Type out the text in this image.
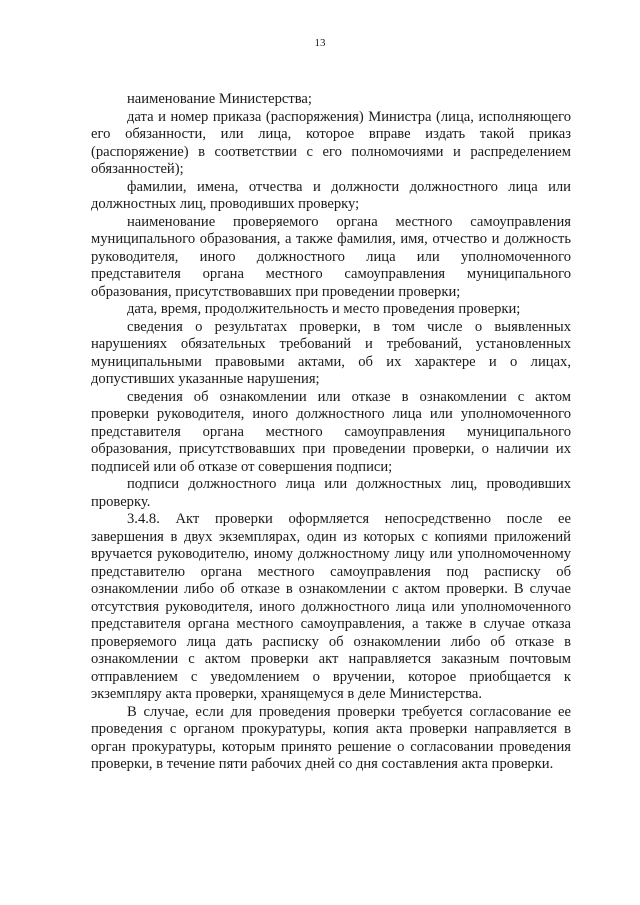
13

наименование Министерства;

дата и номер приказа (распоряжения) Министра (лица, исполняющего его обязанности, или лица, которое вправе издать такой приказ (распоряжение) в соответствии с его полномочиями и распределением обязанностей);

фамилии, имена, отчества и должности должностного лица или должностных лиц, проводивших проверку;

наименование проверяемого органа местного самоуправления муниципального образования, а также фамилия, имя, отчество и должность руководителя, иного должностного лица или уполномоченного представителя органа местного самоуправления муниципального образования, присутствовавших при проведении проверки;

дата, время, продолжительность и место проведения проверки;

сведения о результатах проверки, в том числе о выявленных нарушениях обязательных требований и требований, установленных муниципальными правовыми актами, об их характере и о лицах, допустивших указанные нарушения;

сведения об ознакомлении или отказе в ознакомлении с актом проверки руководителя, иного должностного лица или уполномоченного представителя органа местного самоуправления муниципального образования, присутствовавших при проведении проверки, о наличии их подписей или об отказе от совершения подписи;

подписи должностного лица или должностных лиц, проводивших проверку.

3.4.8. Акт проверки оформляется непосредственно после ее завершения в двух экземплярах, один из которых с копиями приложений вручается руководителю, иному должностному лицу или уполномоченному представителю органа местного самоуправления под расписку об ознакомлении либо об отказе в ознакомлении с актом проверки. В случае отсутствия руководителя, иного должностного лица или уполномоченного представителя органа местного самоуправления, а также в случае отказа проверяемого лица дать расписку об ознакомлении либо об отказе в ознакомлении с актом проверки акт направляется заказным почтовым отправлением с уведомлением о вручении, которое приобщается к экземпляру акта проверки, хранящемуся в деле Министерства.

В случае, если для проведения проверки требуется согласование ее проведения с органом прокуратуры, копия акта проверки направляется в орган прокуратуры, которым принято решение о согласовании проведения проверки, в течение пяти рабочих дней со дня составления акта проверки.
